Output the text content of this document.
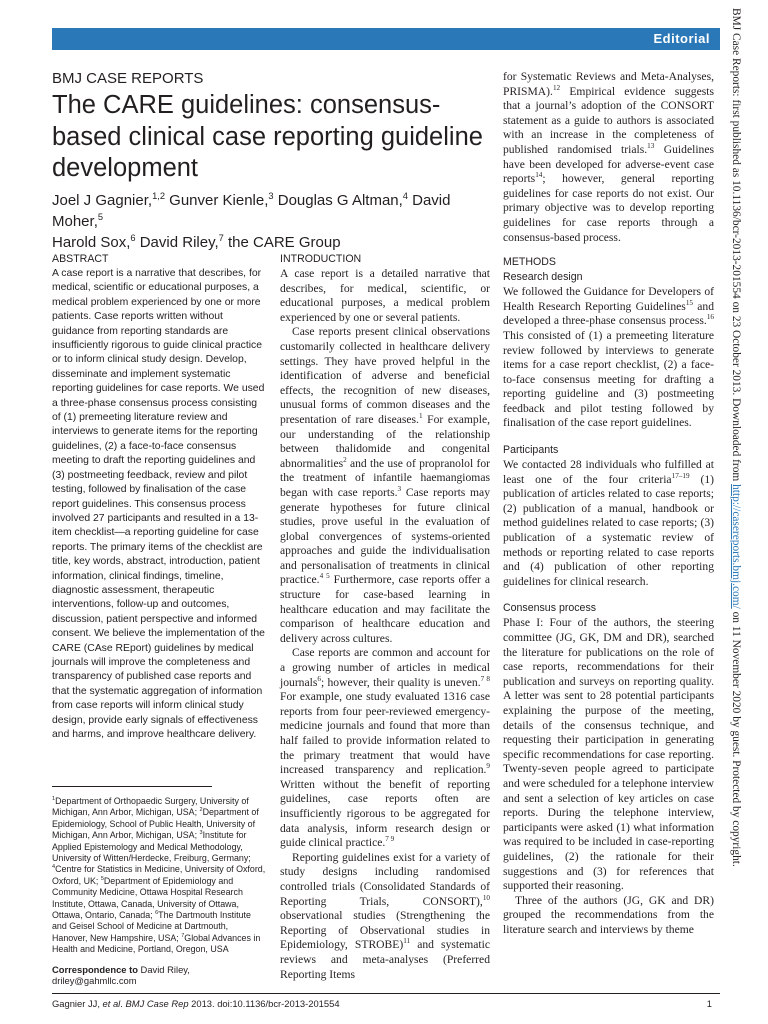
Editorial	BMJ Case Reports: first published as 10.1136/bcr-2013-201554 on 23 October 2013. Downloaded from http://casereports.bmj.com/ on 11 November 2020 by guest. Protected by copyright.
BMJ CASE REPORTS
The CARE guidelines: consensus-based clinical case reporting guideline development
Joel J Gagnier,$^{1,2}$ Gunver Kienle,$^3$ Douglas G Altman,$^4$ David Moher,$^5$
Harold Sox,$^6$ David Riley,$^7$ the CARE Group
ABSTRACT
A case report is a narrative that describes, for medical, scientific or educational purposes, a medical problem experienced by one or more patients. Case reports written without guidance from reporting standards are insufficiently rigorous to guide clinical practice or to inform clinical study design. Develop, disseminate and implement systematic reporting guidelines for case reports. We used a three-phase consensus process consisting of (1) premeeting literature review and interviews to generate items for the reporting guidelines, (2) a face-to-face consensus meeting to draft the reporting guidelines and (3) postmeeting feedback, review and pilot testing, followed by finalisation of the case report guidelines. This consensus process involved 27 participants and resulted in a 13-item checklist—a reporting guideline for case reports. The primary items of the checklist are title, key words, abstract, introduction, patient information, clinical findings, timeline, diagnostic assessment, therapeutic interventions, follow-up and outcomes, discussion, patient perspective and informed consent. We believe the implementation of the CARE (CAse REport) guidelines by medical journals will improve the completeness and transparency of published case reports and that the systematic aggregation of information from case reports will inform clinical study design, provide early signals of effectiveness and harms, and improve healthcare delivery.
$^1$Department of Orthopaedic Surgery, University of Michigan, Ann Arbor, Michigan, USA; $^2$Department of Epidemiology, School of Public Health, University of Michigan, Ann Arbor, Michigan, USA; $^3$Institute for Applied Epistemology and Medical Methodology, University of Witten/Herdecke, Freiburg, Germany; $^4$Centre for Statistics in Medicine, University of Oxford, Oxford, UK; $^5$Department of Epidemiology and Community Medicine, Ottawa Hospital Research Institute, Ottawa, Canada, University of Ottawa, Ottawa, Ontario, Canada; $^6$The Dartmouth Institute and Geisel School of Medicine at Dartmouth, Hanover, New Hampshire, USA; $^7$Global Advances in Health and Medicine, Portland, Oregon, USA
Correspondence to David Riley, driley@gahmllc.com
INTRODUCTION

A case report is a detailed narrative that describes, for medical, scientific, or educational purposes, a medical problem experienced by one or several patients.

Case reports present clinical observations customarily collected in healthcare delivery settings. They have proved helpful in the identification of adverse and beneficial effects, the recognition of new diseases, unusual forms of common diseases and the presentation of rare diseases.$^1$ For example, our understanding of the relationship between thalidomide and congenital abnormalities$^2$ and the use of propranolol for the treatment of infantile haemangiomas began with case reports.$^3$ Case reports may generate hypotheses for future clinical studies, prove useful in the evaluation of global convergences of systems-oriented approaches and guide the individualisation and personalisation of treatments in clinical practice.$^{4 5}$ Furthermore, case reports offer a structure for case-based learning in healthcare education and may facilitate the comparison of healthcare education and delivery across cultures.

Case reports are common and account for a growing number of articles in medical journals$^6$; however, their quality is uneven.$^{7 8}$ For example, one study evaluated 1316 case reports from four peer-reviewed emergency-medicine journals and found that more than half failed to provide information related to the primary treatment that would have increased transparency and replication.$^9$ Written without the benefit of reporting guidelines, case reports often are insufficiently rigorous to be aggregated for data analysis, inform research design or guide clinical practice.$^{7 9}$

Reporting guidelines exist for a variety of study designs including randomised controlled trials (Consolidated Standards of Reporting Trials, CONSORT),$^{10}$ observational studies (Strengthening the Reporting of Observational studies in Epidemiology, STROBE)$^{11}$ and systematic reviews and meta-analyses (Preferred Reporting Items

for Systematic Reviews and Meta-Analyses, PRISMA).$^{12}$ Empirical evidence suggests that a journal’s adoption of the CONSORT statement as a guide to authors is associated with an increase in the completeness of published randomised trials.$^{13}$ Guidelines have been developed for adverse-event case reports$^{14}$; however, general reporting guidelines for case reports do not exist. Our primary objective was to develop reporting guidelines for case reports through a consensus-based process.

METHODS
Research design

We followed the Guidance for Developers of Health Research Reporting Guidelines$^{15}$ and developed a three-phase consensus process.$^{16}$ This consisted of (1) a premeeting literature review followed by interviews to generate items for a case report checklist, (2) a face-to-face consensus meeting for drafting a reporting guideline and (3) postmeeting feedback and pilot testing followed by finalisation of the case report guidelines.

Participants

We contacted 28 individuals who fulfilled at least one of the four criteria$^{17-19}$ (1) publication of articles related to case reports; (2) publication of a manual, handbook or method guidelines related to case reports; (3) publication of a systematic review of methods or reporting related to case reports and (4) publication of other reporting guidelines for clinical research.

Consensus process

Phase I: Four of the authors, the steering committee (JG, GK, DM and DR), searched the literature for publications on the role of case reports, recommendations for their publication and surveys on reporting quality. A letter was sent to 28 potential participants explaining the purpose of the meeting, details of the consensus technique, and requesting their participation in generating specific recommendations for case reporting. Twenty-seven people agreed to participate and were scheduled for a telephone interview and sent a selection of key articles on case reports. During the telephone interview, participants were asked (1) what information was required to be included in case-reporting guidelines, (2) the rationale for their suggestions and (3) for references that supported their reasoning.

Three of the authors (JG, GK and DR) grouped the recommendations from the literature search and interviews by theme

Gagnier JJ, et al. BMJ Case Rep 2013. doi:10.1136/bcr-2013-201554	1
